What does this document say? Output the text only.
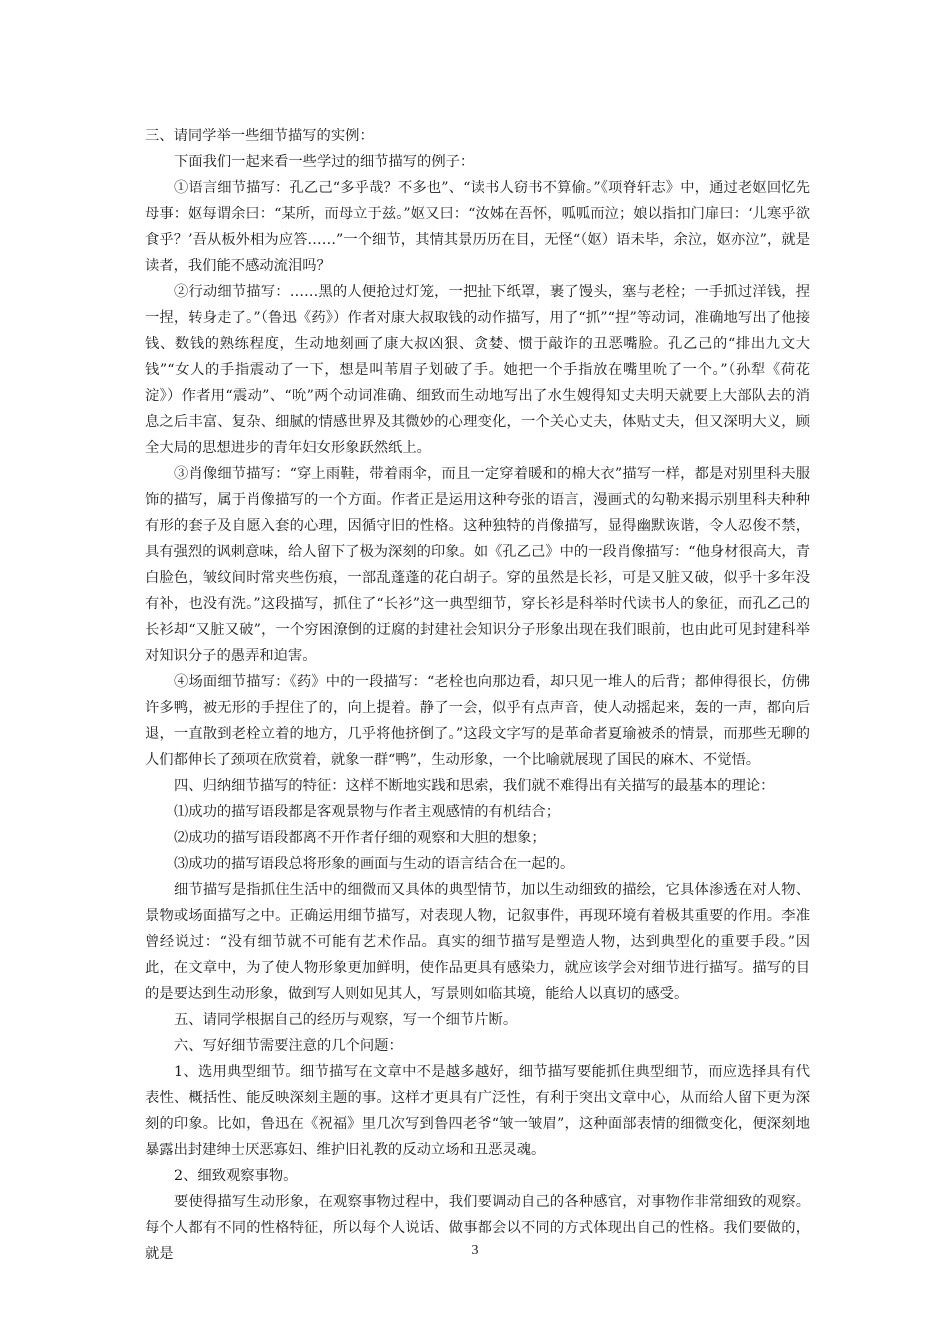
三、请同学举一些细节描写的实例：

下面我们一起来看一些学过的细节描写的例子：

①语言细节描写：孔乙己“多乎哉？不多也”、“读书人窃书不算偷。”《项脊轩志》中，通过老妪回忆先母事：妪每谓余曰：“某所，而母立于兹。”妪又曰：“汝姊在吾怀，呱呱而泣；娘以指扣门扉曰：‘儿寒乎欲食乎？’吾从板外相为应答……”一个细节，其情其景历历在目，无怪“（妪）语未毕，余泣，妪亦泣”，就是读者，我们能不感动流泪吗？

②行动细节描写：……黑的人便抢过灯笼，一把扯下纸罩，裹了馒头，塞与老栓；一手抓过洋钱，捏一捏，转身走了。”（鲁迅《药》）作者对康大叔取钱的动作描写，用了“抓”“捏”等动词，准确地写出了他接钱、数钱的熟练程度，生动地刻画了康大叔凶狠、贪婪、惯于敲诈的丑恶嘴脸。孔乙己的“排出九文大钱”“女人的手指震动了一下，想是叫苇眉子划破了手。她把一个手指放在嘴里吮了一个。”（孙犁《荷花淀》）作者用“震动”、“吮”两个动词准确、细致而生动地写出了水生嫂得知丈夫明天就要上大部队去的消息之后丰富、复杂、细腻的情感世界及其微妙的心理变化，一个关心丈夫，体贴丈夫，但又深明大义，顾全大局的思想进步的青年妇女形象跃然纸上。

③肖像细节描写：“穿上雨鞋，带着雨伞，而且一定穿着暖和的棉大衣”描写一样，都是对别里科夫服饰的描写，属于肖像描写的一个方面。作者正是运用这种夸张的语言，漫画式的勾勒来揭示别里科夫种种有形的套子及自愿入套的心理，因循守旧的性格。这种独特的肖像描写，显得幽默诙谐，令人忍俊不禁，具有强烈的讽刺意味，给人留下了极为深刻的印象。如《孔乙己》中的一段肖像描写：“他身材很高大，青白脸色，皱纹间时常夹些伤痕，一部乱蓬蓬的花白胡子。穿的虽然是长衫，可是又脏又破，似乎十多年没有补，也没有洗。”这段描写，抓住了“长衫”这一典型细节，穿长衫是科举时代读书人的象征，而孔乙己的长衫却“又脏又破”，一个穷困潦倒的迂腐的封建社会知识分子形象出现在我们眼前，也由此可见封建科举对知识分子的愚弄和迫害。

④场面细节描写：《药》中的一段描写：“老栓也向那边看，却只见一堆人的后背；都伸得很长，仿佛许多鸭，被无形的手捏住了的，向上提着。静了一会，似乎有点声音，使人动摇起来，轰的一声，都向后退，一直散到老栓立着的地方，几乎将他挤倒了。”这段文字写的是革命者夏瑜被杀的情景，而那些无聊的人们都伸长了颈项在欣赏着，就象一群“鸭”，生动形象，一个比喻就展现了国民的麻木、不觉悟。

四、归纳细节描写的特征：这样不断地实践和思索，我们就不难得出有关描写的最基本的理论：

⑴成功的描写语段都是客观景物与作者主观感情的有机结合；

⑵成功的描写语段都离不开作者仔细的观察和大胆的想象；

⑶成功的描写语段总将形象的画面与生动的语言结合在一起的。

细节描写是指抓住生活中的细微而又具体的典型情节，加以生动细致的描绘，它具体渗透在对人物、景物或场面描写之中。正确运用细节描写，对表现人物，记叙事件，再现环境有着极其重要的作用。李准曾经说过：“没有细节就不可能有艺术作品。真实的细节描写是塑造人物，达到典型化的重要手段。”因此，在文章中，为了使人物形象更加鲜明，使作品更具有感染力，就应该学会对细节进行描写。描写的目的是要达到生动形象，做到写人则如见其人，写景则如临其境，能给人以真切的感受。

五、请同学根据自己的经历与观察，写一个细节片断。

六、写好细节需要注意的几个问题：

1、选用典型细节。细节描写在文章中不是越多越好，细节描写要能抓住典型细节，而应选择具有代表性、概括性、能反映深刻主题的事。这样才更具有广泛性，有利于突出文章中心，从而给人留下更为深刻的印象。比如，鲁迅在《祝福》里几次写到鲁四老爷“皱一皱眉”，这种面部表情的细微变化，便深刻地暴露出封建绅士厌恶寡妇、维护旧礼教的反动立场和丑恶灵魂。

2、细致观察事物。

要使得描写生动形象，在观察事物过程中，我们要调动自己的各种感官，对事物作非常细致的观察。每个人都有不同的性格特征，所以每个人说话、做事都会以不同的方式体现出自己的性格。我们要做的，就是	3
